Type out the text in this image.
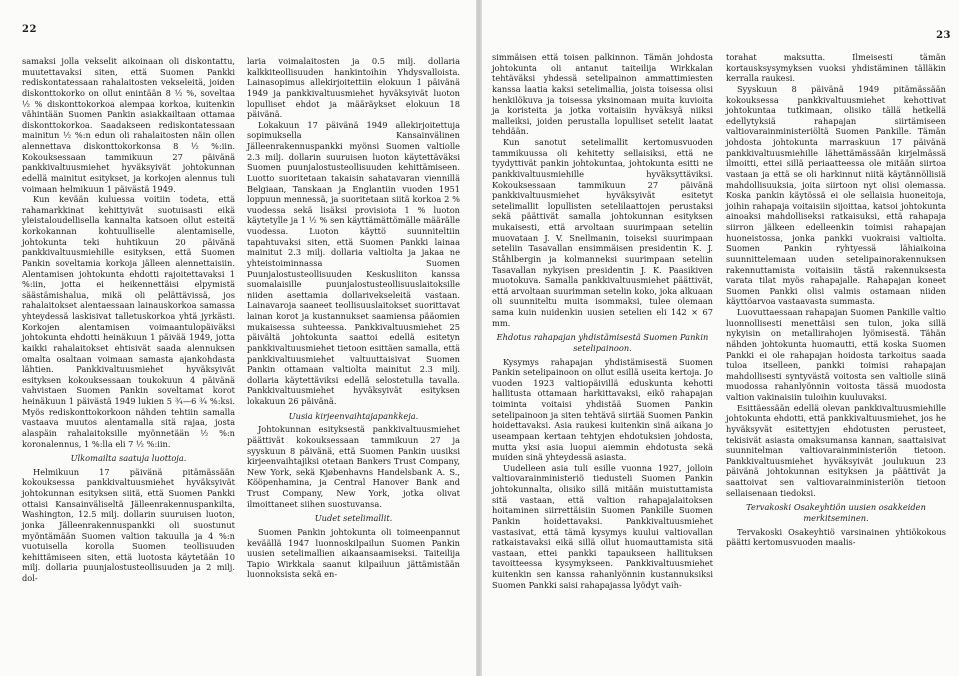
22

samaksi jolla vekselit aikoinaan oli diskontattu, muutettavaksi siten, että Suomen Pankki rediskontatessaan rahalaitosten vekseleitä, joiden diskonttokorko on ollut enintään 8 ½ %, soveltaa ½ % diskonttokorkoa alempaa korkoa, kuitenkin vähintään Suomen Pankin asiakkailtaan ottamaa diskonttokorkoa. Saadakseen rediskontatessaan mainitun ½ %:n edun oli rahalaitosten näin ollen alennettava diskonttokorkonsa 8 ½ %:iin. Kokouksessaan tammikuun 27 päivänä pankkivaltuusmiehet hyväksyivät johtokunnan edellä mainitut esitykset, ja korkojen alennus tuli voimaan helmikuun 1 päivästä 1949.

Kun kevään kuluessa voitiin todeta, että rahamarkkinat kehittyivät suotuisasti eikä yleistaloudellisella kannalta katsoen ollut esteitä korkokannan kohtuulliselle alentamiselle, johtokunta teki huhtikuun 20 päivänä pankkivaltuusmiehille esityksen, että Suomen Pankin soveltamia korkoja jälleen alennettaisiin. Alentamisen johtokunta ehdotti rajoitettavaksi 1 %:iin, jotta ei heikennettäisi elpymistä säästämishalua, mikä oli pelättävissä, jos rahalaitokset alentaessaan lainauskorkoa samassa yhteydessä laskisivat talletuskorkoa yhtä jyrkästi. Korkojen alentamisen voimaantulopäiväksi johtokunta ehdotti heinäkuun 1 päivää 1949, jotta kaikki rahalaitokset ehtisivät saada alennuksen omalta osaltaan voimaan samasta ajankohdasta lähtien. Pankkivaltuusmiehet hyväksyivät esityksen kokouksessaan toukokuun 4 päivänä vahvistaen Suomen Pankin soveltamat korot heinäkuun 1 päivästä 1949 lukien 5 ¾—6 ¾ %:ksi. Myös rediskonttokorkoon nähden tehtiin samalla vastaava muutos alentamalla sitä rajaa, josta alaspäin rahalaitoksille myönnetään ½ %:n koronalennus, 1 %:lla eli 7 ½ %:iin.

Ulkomailta saatuja luottoja.

Helmikuun 17 päivänä pitämässään kokouksessa pankkivaltuusmiehet hyväksyivät johtokunnan esityksen siitä, että Suomen Pankki ottaisi Kansainväliseltä Jälleenrakennuspankilta, Washington, 12.5 milj. dollarin suuruisen luoton, jonka Jälleenrakennuspankki oli suostunut myöntämään Suomen valtion takuulla ja 4 %:n vuotuisella korolla Suomen teollisuuden kehittämiseen siten, että luotosta käytetään 10 milj. dollaria puunjalostusteollisuuden ja 2 milj. dol-

laria voimalaitosten ja 0.5 milj. dollaria kalkkiteollisuuden hankintoihin Yhdysvalloista. Lainasopimus allekirjoitettiin elokuun 1 päivänä 1949 ja pankkivaltuusmiehet hyväksyivät luoton lopulliset ehdot ja määräykset elokuun 18 päivänä.

Lokakuun 17 päivänä 1949 allekirjoitettuja sopimuksella Kansainvälinen Jälleenrakennuspankki myönsi Suomen valtiolle 2.3 milj. dollarin suuruisen luoton käytettäväksi Suomen puunjalostusteollisuuden kehittämiseen. Luotto suoritetaan takaisin sahatavaran viennillä Belgiaan, Tanskaan ja Englantiin vuoden 1951 loppuun mennessä, ja suoritetaan siitä korkoa 2 % vuodessa sekä lisäksi provisiota 1 % luoton käytetylle ja 1 ½ % sen käyttämättömälle määrälle vuodessa. Luoton käyttö suunniteltiin tapahtuvaksi siten, että Suomen Pankki lainaa mainitut 2.3 milj. dollaria valtiolta ja jakaa ne yhteistoiminnassa Suomen Puunjalostusteollisuuden Keskusliiton kanssa suomalaisille puunjalostusteollisuuslaitoksille niiden asettamia dollarivekseleitä vastaan. Lainavaroja saaneet teollisuuslaitokset suorittavat lainan korot ja kustannukset saamiensa pääomien mukaisessa suhteessa. Pankkivaltuusmiehet 25 päivältä johtokunta saattoi edellä esitetyn pankkivaltuusmiehet tietoon esittäen samalla, että pankkivaltuusmiehet valtuuttaisivat Suomen Pankin ottamaan valtiolta mainitut 2.3 milj. dollaria käytettäviksi edellä selostetulla tavalla. Pankkivaltuusmiehet hyväksyivät esityksen lokakuun 26 päivänä.

Uusia kirjeenvaihtajapankkeja.

Johtokunnan esityksestä pankkivaltuusmiehet päättivät kokouksessaan tammikuun 27 ja syyskuun 8 päivänä, että Suomen Pankin uusiksi kirjeenvaihtajiksi otetaan Bankers Trust Company, New York, sekä Kjøbenhavns Handelsbank A. S., Kööpenhamina, ja Central Hanover Bank and Trust Company, New York, jotka olivat ilmoittaneet siihen suostuvansa.

Uudet setelimallit.

Suomen Pankin johtokunta oli toimeenpannut keväällä 1947 luonnoskilpailun Suomen Pankin uusien setelimallien aikaansaamiseksi. Taiteilija Tapio Wirkkala saanut kilpailuun jättämistään luonnoksista sekä en-

23

simmäisen että toisen palkinnon. Tämän johdosta johtokunta oli antanut taiteilija Wirkkalan tehtäväksi yhdessä setelipainon ammattimiesten kanssa laatia kaksi setelimallia, joista toisessa olisi henkilökuva ja toisessa yksinomaan muita kuvioita ja koristeita ja jotka voitaisiin hyväksyä niiksi malleiksi, joiden perustalla lopulliset setelit laatat tehdään.

Kun sanotut setelimallit kertomusvuoden tammikuussa oli kehitetty sellaisiksi, että ne tyydyttivät pankin johtokuntaa, johtokunta esitti ne pankkivaltuusmiehille hyväksyttäviksi. Kokouksessaan tammikuun 27 päivänä pankkivaltuusmiehet hyväksyivät esitetyt setelimallit lopullisten setelilaattojen perustaksi sekä päättivät samalla johtokunnan esityksen mukaisesti, että arvoltaan suurimpaan seteliin muovataan J. V. Snellmanin, toiseksi suurimpaan seteliin Tasavallan ensimmäisen presidentin K. J. Ståhlbergin ja kolmanneksi suurimpaan seteliin Tasavallan nykyisen presidentin J. K. Paasikiven muotokuva. Samalla pankkivaltuusmiehet päättivät, että arvoltaan suurimman setelin koko, joka alkuaan oli suunniteltu muita isommaksi, tulee olemaan sama kuin nuidenkin uusien setelien eli 142 × 67 mm.

Ehdotus rahapajan yhdistämisestä Suomen Pankin setelipainoon.

Kysymys rahapajan yhdistämisestä Suomen Pankin setelipainoon on ollut esillä useita kertoja. Jo vuoden 1923 valtiopäivillä eduskunta kehotti hallitusta ottamaan harkittavaksi, eikö rahapajan toiminta voitaisi yhdistää Suomen Pankin setelipainoon ja siten tehtävä siirtää Suomen Pankin hoidettavaksi. Asia raukesi kuitenkin sinä aikana jo useampaan kertaan tehtyjen ehdotuksien johdosta, mutta yksi asia luopui aiemmin ehdotusta sekä muiden sinä yhteydessä asiasta.

Uudelleen asia tuli esille vuonna 1927, jolloin valtiovarainministeriö tiedusteli Suomen Pankin johtokunnalta, olisiko sillä mitään muistuttamista sitä vastaan, että valtion rahapajalaitoksen hoitaminen siirrettäisiin Suomen Pankille Suomen Pankin hoidettavaksi. Pankkivaltuusmiehet vastasivat, että tämä kysymys kuului valtiovallan ratkaistavaksi eikä sillä ollut huomauttamista sitä vastaan, ettei pankki tapaukseen hallituksen tavoitteessa kysymykseen. Pankkivaltuusmiehet kuitenkin sen kanssa rahanlyönnin kustannuksiksi Suomen Pankki saisi rahapajassa lyödyt vaih-

torahat maksutta. Ilmeisesti tämän kortausksysymyksen vuoksi yhdistäminen tälläkin kerralla raukesi.

Syyskuun 8 päivänä 1949 pitämässään kokouksessa pankkivaltuusmiehet kehottivat johtokuntaa tutkimaan, olisiko tällä hetkellä edellytyksiä rahapajan siirtämiseen valtiovarainministeriöltä Suomen Pankille. Tämän johdosta johtokunta marraskuun 17 päivänä pankkivaltuusmiehille lähettämässään kirjelmässä ilmoitti, ettei sillä periaatteessa ole mitään siirtoa vastaan ja että se oli harkinnut niitä käytännöllisiä mahdollisuuksia, joita siirtoon nyt olisi olemassa. Koska pankin käytössä ei ole sellaisia huoneitoja, joihin rahapaja voitaisiin sijoittaa, katsoi johtokunta ainoaksi mahdolliseksi ratkaisuksi, että rahapaja siirron jälkeen edelleenkin toimisi rahapajan huoneistossa, jonka pankki vuokraisi valtiolta. Suomen Pankin ryhtyessä lähiaikoina suunnittelemaan uuden setelipainorakennuksen rakennuttamista voitaisiin tästä rakennuksesta varata tilat myös rahapajalle. Rahapajan koneet Suomen Pankki olisi valmis ostamaan niiden käyttöarvoa vastaavasta summasta.

Luovuttaessaan rahapajan Suomen Pankille valtio luonnollisesti menettäisi sen tulon, joka sillä nykyisin on metallirahojen lyömisestä. Tähän nähden johtokunta huomautti, että koska Suomen Pankki ei ole rahapajan hoidosta tarkoitus saada tuloa itselleen, pankki toimisi rahapajan mahdollisesti syntyvästä voitosta sen valtiolle siinä muodossa rahanlyönnin voitosta tässä muodosta valtion vakinaisiin tuloihin kuuluvaksi.

Esittäessään edellä olevan pankkivaltuusmiehille johtokunta ehdotti, että pankkivaltuusmiehet, jos he hyväksyvät esitettyjen ehdotusten perusteet, tekisivät asiasta omaksumansa kannan, saattaisivat suunnitelman valtiovarainministeriön tietoon. Pankkivaltuusmiehet hyväksyivät joulukuun 23 päivänä johtokunnan esityksen ja päättivät ja saattoivat sen valtiovarainministeriön tietoon sellaisenaan tiedoksi.

Tervakoski Osakeyhtiön uusien osakkeiden merkitseminen.

Tervakoski Osakeyhtiö varsinainen yhtiökokous päätti kertomusvuoden maalis-
